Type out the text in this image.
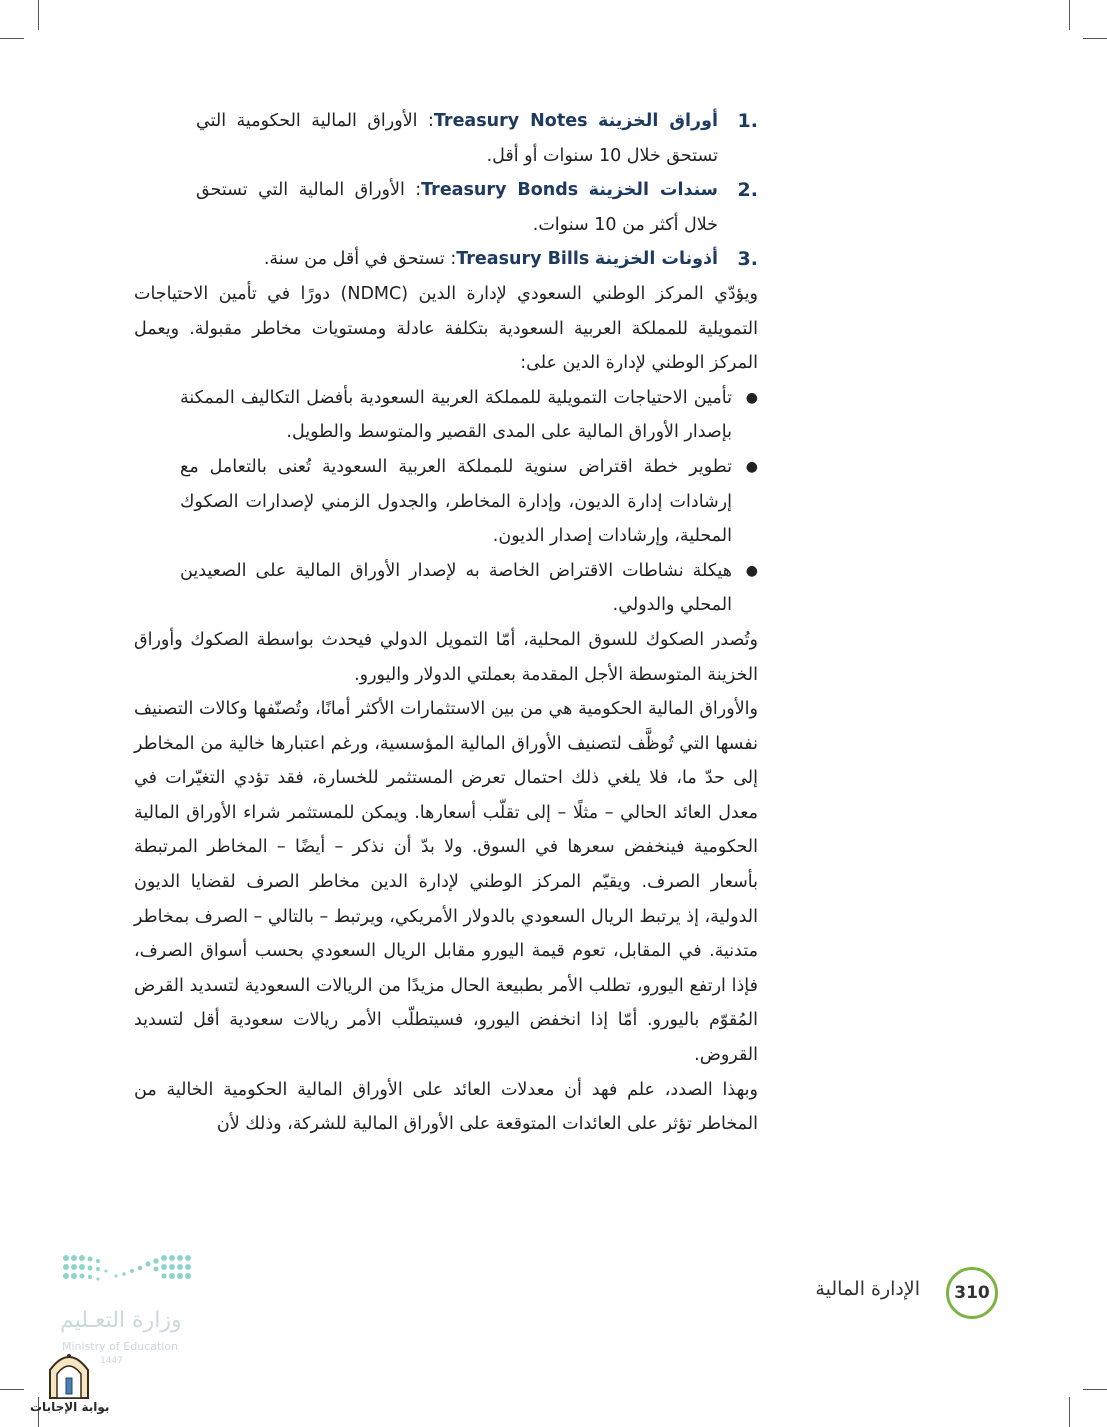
.1
أوراق الخزينة Treasury Notes: الأوراق المالية الحكومية التي تستحق خلال 10 سنوات أو أقل.
.2
سندات الخزينة Treasury Bonds: الأوراق المالية التي تستحق خلال أكثر من 10 سنوات.
.3
أذونات الخزينة Treasury Bills: تستحق في أقل من سنة.

ويؤدّي المركز الوطني السعودي لإدارة الدين (NDMC) دورًا في تأمين الاحتياجات التمويلية للمملكة العربية السعودية بتكلفة عادلة ومستويات مخاطر مقبولة. ويعمل المركز الوطني لإدارة الدين على:

●
تأمين الاحتياجات التمويلية للمملكة العربية السعودية بأفضل التكاليف الممكنة بإصدار الأوراق المالية على المدى القصير والمتوسط والطويل.
●
تطوير خطة اقتراض سنوية للمملكة العربية السعودية تُعنى بالتعامل مع إرشادات إدارة الديون، وإدارة المخاطر، والجدول الزمني لإصدارات الصكوك المحلية، وإرشادات إصدار الديون.
●
هيكلة نشاطات الاقتراض الخاصة به لإصدار الأوراق المالية على الصعيدين المحلي والدولي.

وتُصدر الصكوك للسوق المحلية، أمّا التمويل الدولي فيحدث بواسطة الصكوك وأوراق الخزينة المتوسطة الأجل المقدمة بعملتي الدولار واليورو.

والأوراق المالية الحكومية هي من بين الاستثمارات الأكثر أمانًا، وتُصنّفها وكالات التصنيف نفسها التي تُوظَّف لتصنيف الأوراق المالية المؤسسية، ورغم اعتبارها خالية من المخاطر إلى حدّ ما، فلا يلغي ذلك احتمال تعرض المستثمر للخسارة، فقد تؤدي التغيّرات في معدل العائد الحالي – مثلًا – إلى تقلّب أسعارها. ويمكن للمستثمر شراء الأوراق المالية الحكومية فينخفض سعرها في السوق. ولا بدّ أن نذكر – أيضًا – المخاطر المرتبطة بأسعار الصرف. ويقيّم المركز الوطني لإدارة الدين مخاطر الصرف لقضايا الديون الدولية، إذ يرتبط الريال السعودي بالدولار الأمريكي، ويرتبط – بالتالي – الصرف بمخاطر متدنية. في المقابل، تعوم قيمة اليورو مقابل الريال السعودي بحسب أسواق الصرف، فإذا ارتفع اليورو، تطلب الأمر بطبيعة الحال مزيدًا من الريالات السعودية لتسديد القرض المُقوّم باليورو. أمّا إذا انخفض اليورو، فسيتطلّب الأمر ريالات سعودية أقل لتسديد القروض.

وبهذا الصدد، علم فهد أن معدلات العائد على الأوراق المالية الحكومية الخالية من المخاطر تؤثر على العائدات المتوقعة على الأوراق المالية للشركة، وذلك لأن

الإدارة المالية	310
وزارة التعـليم
Ministry of Education
1447
بوابة الإجابات
